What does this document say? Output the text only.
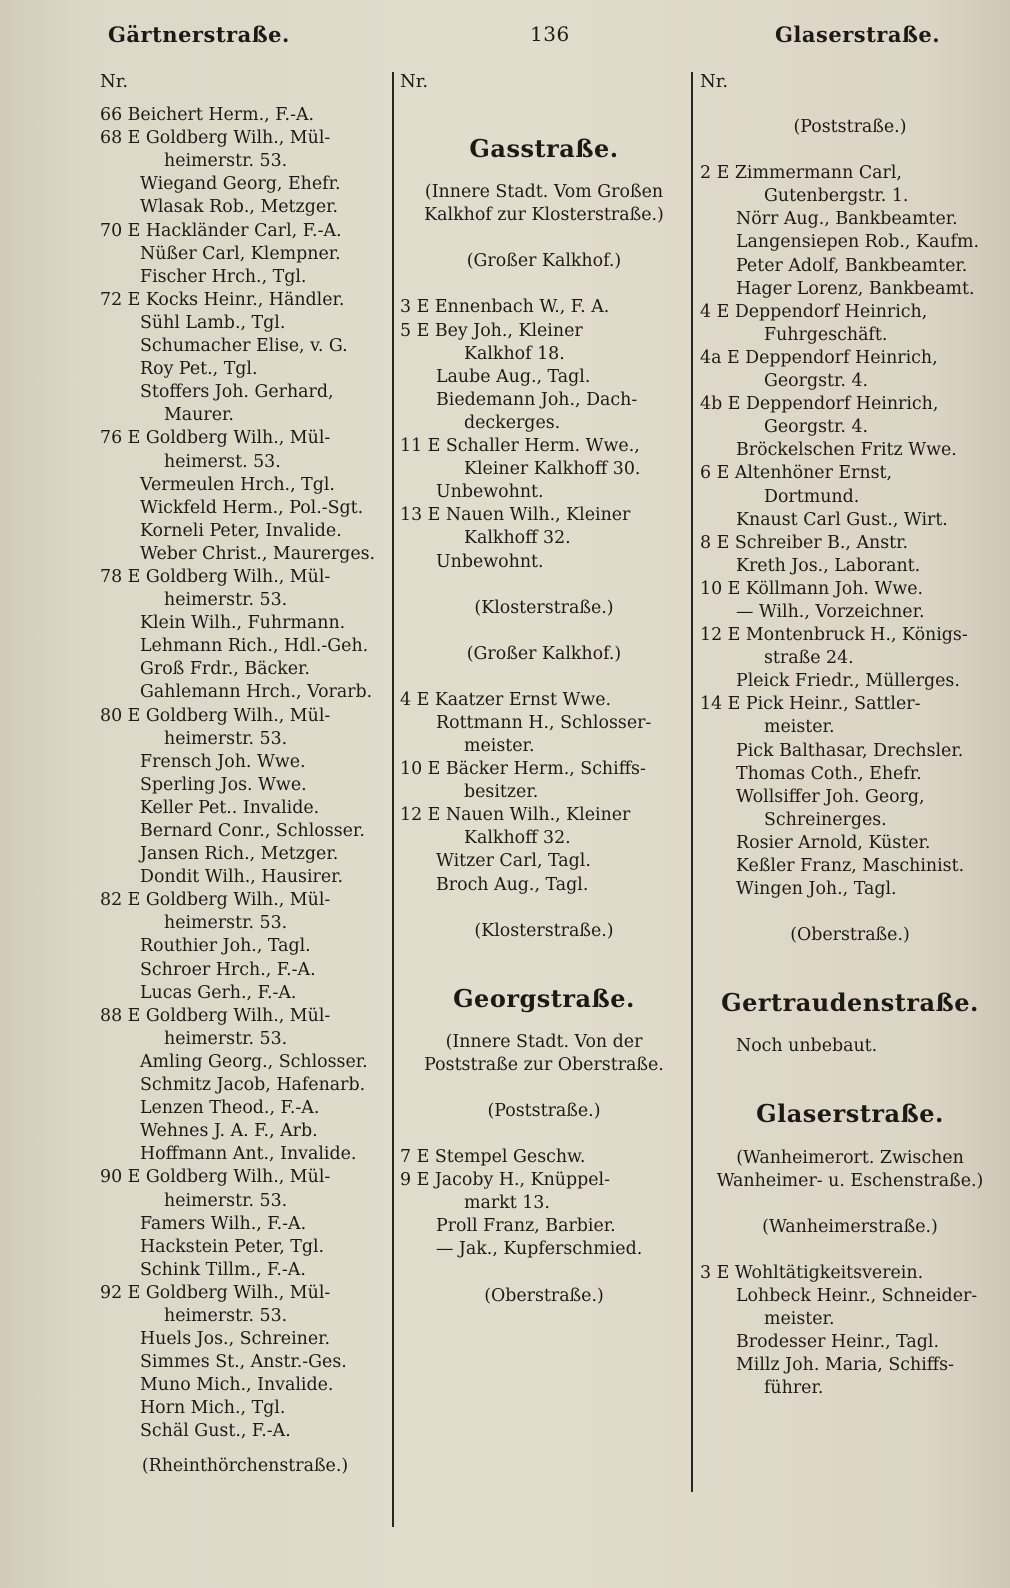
Gärtnerstraße.	136	Glaserstraße.
Nr.
66 Beichert Herm., F.-A.
68 E Goldberg Wilh., Mül-
heimerstr. 53.
Wiegand Georg, Ehefr.
Wlasak Rob., Metzger.
70 E Hackländer Carl, F.-A.
Nüßer Carl, Klempner.
Fischer Hrch., Tgl.
72 E Kocks Heinr., Händler.
Sühl Lamb., Tgl.
Schumacher Elise, v. G.
Roy Pet., Tgl.
Stoffers Joh. Gerhard,
Maurer.
76 E Goldberg Wilh., Mül-
heimerst. 53.
Vermeulen Hrch., Tgl.
Wickfeld Herm., Pol.-Sgt.
Korneli Peter, Invalide.
Weber Christ., Maurerges.
78 E Goldberg Wilh., Mül-
heimerstr. 53.
Klein Wilh., Fuhrmann.
Lehmann Rich., Hdl.-Geh.
Groß Frdr., Bäcker.
Gahlemann Hrch., Vorarb.
80 E Goldberg Wilh., Mül-
heimerstr. 53.
Frensch Joh. Wwe.
Sperling Jos. Wwe.
Keller Pet.. Invalide.
Bernard Conr., Schlosser.
Jansen Rich., Metzger.
Dondit Wilh., Hausirer.
82 E Goldberg Wilh., Mül-
heimerstr. 53.
Routhier Joh., Tagl.
Schroer Hrch., F.-A.
Lucas Gerh., F.-A.
88 E Goldberg Wilh., Mül-
heimerstr. 53.
Amling Georg., Schlosser.
Schmitz Jacob, Hafenarb.
Lenzen Theod., F.-A.
Wehnes J. A. F., Arb.
Hoffmann Ant., Invalide.
90 E Goldberg Wilh., Mül-
heimerstr. 53.
Famers Wilh., F.-A.
Hackstein Peter, Tgl.
Schink Tillm., F.-A.
92 E Goldberg Wilh., Mül-
heimerstr. 53.
Huels Jos., Schreiner.
Simmes St., Anstr.-Ges.
Muno Mich., Invalide.
Horn Mich., Tgl.
Schäl Gust., F.-A.
(Rheinthörchenstraße.)
Nr.
Gasstraße.
(Innere Stadt. Vom Großen
Kalkhof zur Klosterstraße.)
(Großer Kalkhof.)
3 E Ennenbach W., F. A.
5 E Bey Joh., Kleiner
Kalkhof 18.
Laube Aug., Tagl.
Biedemann Joh., Dach-
deckerges.
11 E Schaller Herm. Wwe.,
Kleiner Kalkhoff 30.
Unbewohnt.
13 E Nauen Wilh., Kleiner
Kalkhoff 32.
Unbewohnt.
(Klosterstraße.)
(Großer Kalkhof.)
4 E Kaatzer Ernst Wwe.
Rottmann H., Schlosser-
meister.
10 E Bäcker Herm., Schiffs-
besitzer.
12 E Nauen Wilh., Kleiner
Kalkhoff 32.
Witzer Carl, Tagl.
Broch Aug., Tagl.
(Klosterstraße.)
Georgstraße.
(Innere Stadt. Von der
Poststraße zur Oberstraße.
(Poststraße.)
7 E Stempel Geschw.
9 E Jacoby H., Knüppel-
markt 13.
Proll Franz, Barbier.
— Jak., Kupferschmied.
(Oberstraße.)
Nr.
(Poststraße.)
2 E Zimmermann Carl,
Gutenbergstr. 1.
Nörr Aug., Bankbeamter.
Langensiepen Rob., Kaufm.
Peter Adolf, Bankbeamter.
Hager Lorenz, Bankbeamt.
4 E Deppendorf Heinrich,
Fuhrgeschäft.
4a E Deppendorf Heinrich,
Georgstr. 4.
4b E Deppendorf Heinrich,
Georgstr. 4.
Bröckelschen Fritz Wwe.
6 E Altenhöner Ernst,
Dortmund.
Knaust Carl Gust., Wirt.
8 E Schreiber B., Anstr.
Kreth Jos., Laborant.
10 E Köllmann Joh. Wwe.
— Wilh., Vorzeichner.
12 E Montenbruck H., Königs-
straße 24.
Pleick Friedr., Müllerges.
14 E Pick Heinr., Sattler-
meister.
Pick Balthasar, Drechsler.
Thomas Coth., Ehefr.
Wollsiffer Joh. Georg,
Schreinerges.
Rosier Arnold, Küster.
Keßler Franz, Maschinist.
Wingen Joh., Tagl.
(Oberstraße.)
Gertraudenstraße.
Noch unbebaut.
Glaserstraße.
(Wanheimerort. Zwischen
Wanheimer- u. Eschenstraße.)
(Wanheimerstraße.)
3 E Wohltätigkeitsverein.
Lohbeck Heinr., Schneider-
meister.
Brodesser Heinr., Tagl.
Millz Joh. Maria, Schiffs-
führer.
